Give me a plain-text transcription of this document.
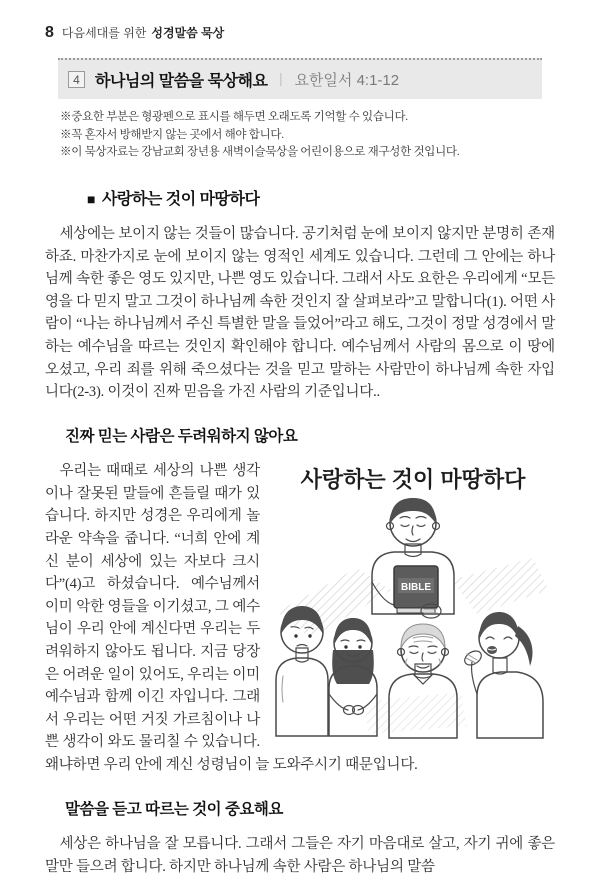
8 다음세대를 위한 성경말씀 묵상
4 하나님의 말씀을 묵상해요 | 요한일서 4:1-12
※중요한 부분은 형광펜으로 표시를 해두면 오래도록 기억할 수 있습니다.
※꼭 혼자서 방해받지 않는 곳에서 해야 합니다.
※이 묵상자료는 강남교회 장년용 새벽이슬묵상을 어린이용으로 재구성한 것입니다.
■ 사랑하는 것이 마땅하다

세상에는 보이지 않는 것들이 많습니다. 공기처럼 눈에 보이지 않지만 분명히 존재하죠. 마찬가지로 눈에 보이지 않는 영적인 세계도 있습니다. 그런데 그 안에는 하나님께 속한 좋은 영도 있지만, 나쁜 영도 있습니다. 그래서 사도 요한은 우리에게 “모든 영을 다 믿지 말고 그것이 하나님께 속한 것인지 잘 살펴보라”고 말합니다(1). 어떤 사람이 “나는 하나님께서 주신 특별한 말을 들었어”라고 해도, 그것이 정말 성경에서 말하는 예수님을 따르는 것인지 확인해야 합니다. 예수님께서 사람의 몸으로 이 땅에 오셨고, 우리 죄를 위해 죽으셨다는 것을 믿고 말하는 사람만이 하나님께 속한 자입니다(2-3). 이것이 진짜 믿음을 가진 사람의 기준입니다..

진짜 믿는 사람은 두려워하지 않아요
사랑하는 것이 마땅하다
BIBLE

우리는 때때로 세상의 나쁜 생각이나 잘못된 말들에 흔들릴 때가 있습니다. 하지만 성경은 우리에게 놀라운 약속을 줍니다. “너희 안에 계신 분이 세상에 있는 자보다 크시다”(4)고 하셨습니다. 예수님께서 이미 악한 영들을 이기셨고, 그 예수님이 우리 안에 계신다면 우리는 두려워하지 않아도 됩니다. 지금 당장은 어려운 일이 있어도, 우리는 이미 예수님과 함께 이긴 자입니다. 그래서 우리는 어떤 거짓 가르침이나 나쁜 생각이 와도 물리칠 수 있습니다. 왜냐하면 우리 안에 계신 성령님이 늘 도와주시기 때문입니다.

말씀을 듣고 따르는 것이 중요해요

세상은 하나님을 잘 모릅니다. 그래서 그들은 자기 마음대로 살고, 자기 귀에 좋은 말만 들으려 합니다. 하지만 하나님께 속한 사람은 하나님의 말씀
